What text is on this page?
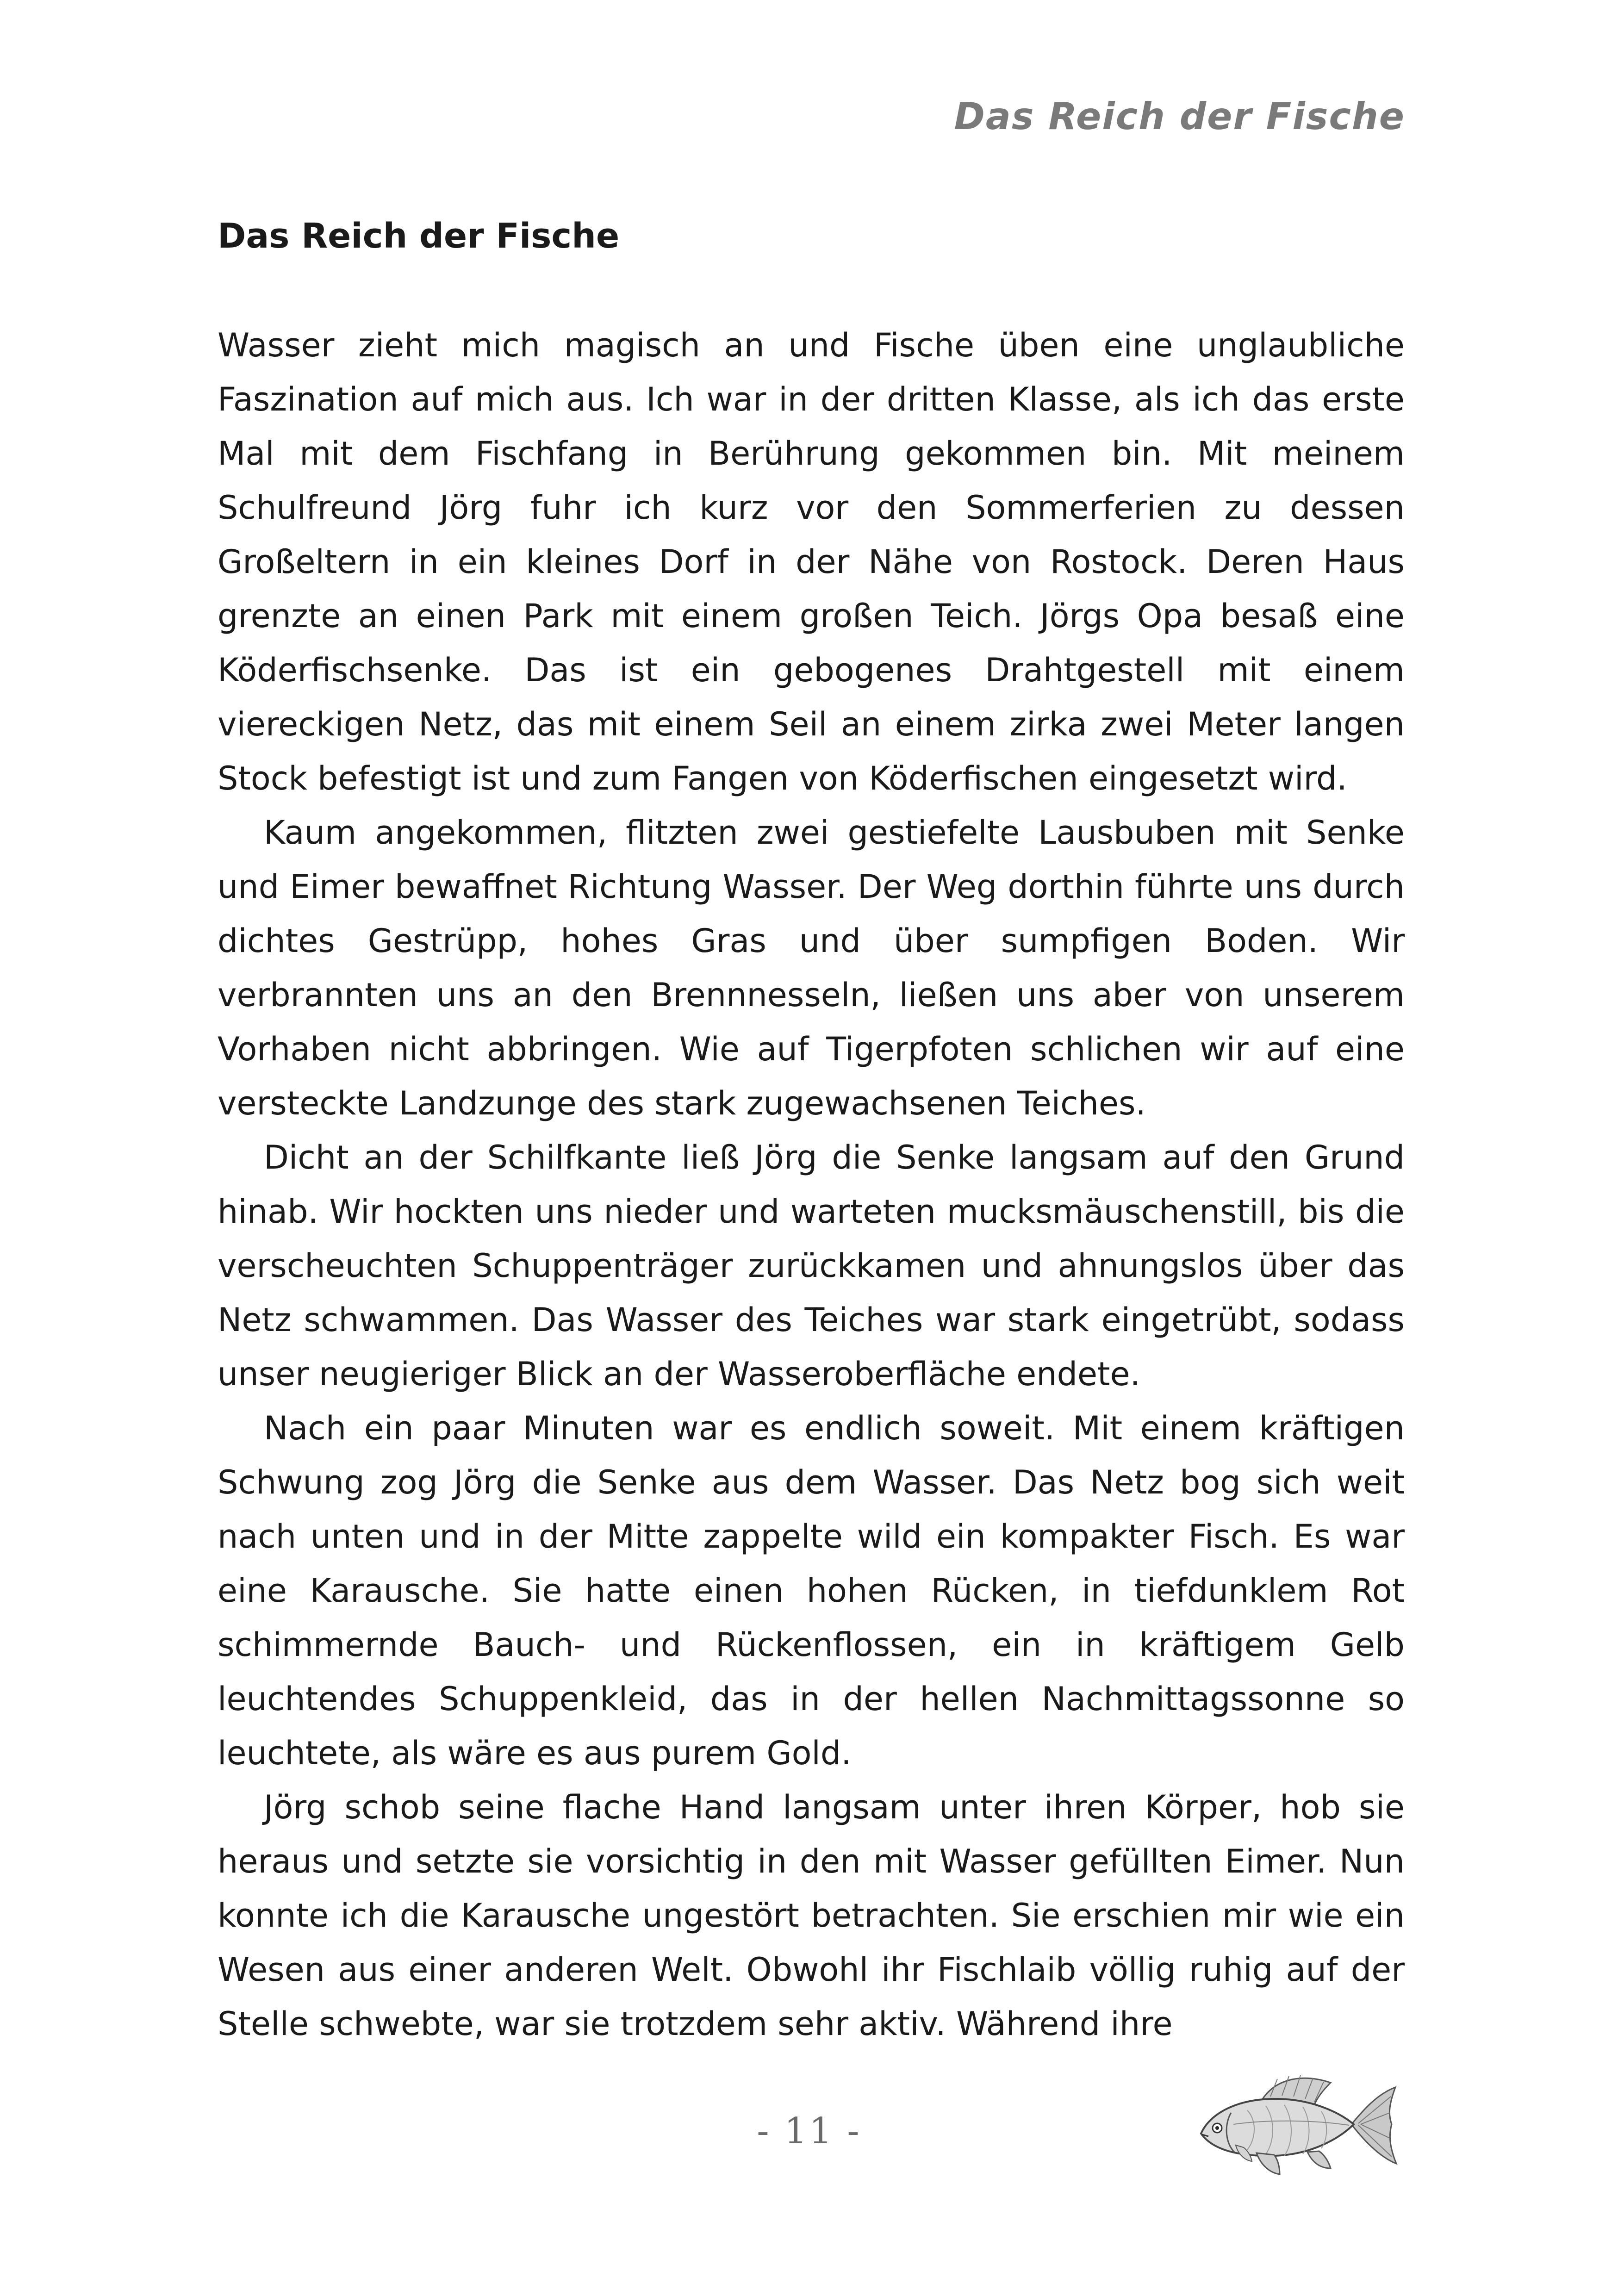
Das Reich der Fische
Das Reich der Fische

Wasser zieht mich magisch an und Fische üben eine unglaubliche Faszination auf mich aus. Ich war in der dritten Klasse, als ich das erste Mal mit dem Fischfang in Berührung gekommen bin. Mit meinem Schulfreund Jörg fuhr ich kurz vor den Sommerferien zu dessen Großeltern in ein kleines Dorf in der Nähe von Rostock. Deren Haus grenzte an einen Park mit einem großen Teich. Jörgs Opa besaß eine Köderfischsenke. Das ist ein gebogenes Drahtgestell mit einem viereckigen Netz, das mit einem Seil an einem zirka zwei Meter langen Stock befestigt ist und zum Fangen von Köderfischen eingesetzt wird.

Kaum angekommen, flitzten zwei gestiefelte Lausbuben mit Senke und Eimer bewaffnet Richtung Wasser. Der Weg dorthin führte uns durch dichtes Gestrüpp, hohes Gras und über sumpfigen Boden. Wir verbrannten uns an den Brennnesseln, ließen uns aber von unserem Vorhaben nicht abbringen. Wie auf Tigerpfoten schlichen wir auf eine versteckte Landzunge des stark zugewachsenen Teiches.

Dicht an der Schilfkante ließ Jörg die Senke langsam auf den Grund hinab. Wir hockten uns nieder und warteten mucksmäuschenstill, bis die verscheuchten Schuppenträger zurückkamen und ahnungslos über das Netz schwammen. Das Wasser des Teiches war stark eingetrübt, sodass unser neugieriger Blick an der Wasseroberfläche endete.

Nach ein paar Minuten war es endlich soweit. Mit einem kräftigen Schwung zog Jörg die Senke aus dem Wasser. Das Netz bog sich weit nach unten und in der Mitte zappelte wild ein kompakter Fisch. Es war eine Karausche. Sie hatte einen hohen Rücken, in tiefdunklem Rot schimmernde Bauch- und Rückenflossen, ein in kräftigem Gelb leuchtendes Schuppenkleid, das in der hellen Nachmittagssonne so leuchtete, als wäre es aus purem Gold.

Jörg schob seine flache Hand langsam unter ihren Körper, hob sie heraus und setzte sie vorsichtig in den mit Wasser gefüllten Eimer. Nun konnte ich die Karausche ungestört betrachten. Sie erschien mir wie ein Wesen aus einer anderen Welt. Obwohl ihr Fischlaib völlig ruhig auf der Stelle schwebte, war sie trotzdem sehr aktiv. Während ihre

- 11 -
